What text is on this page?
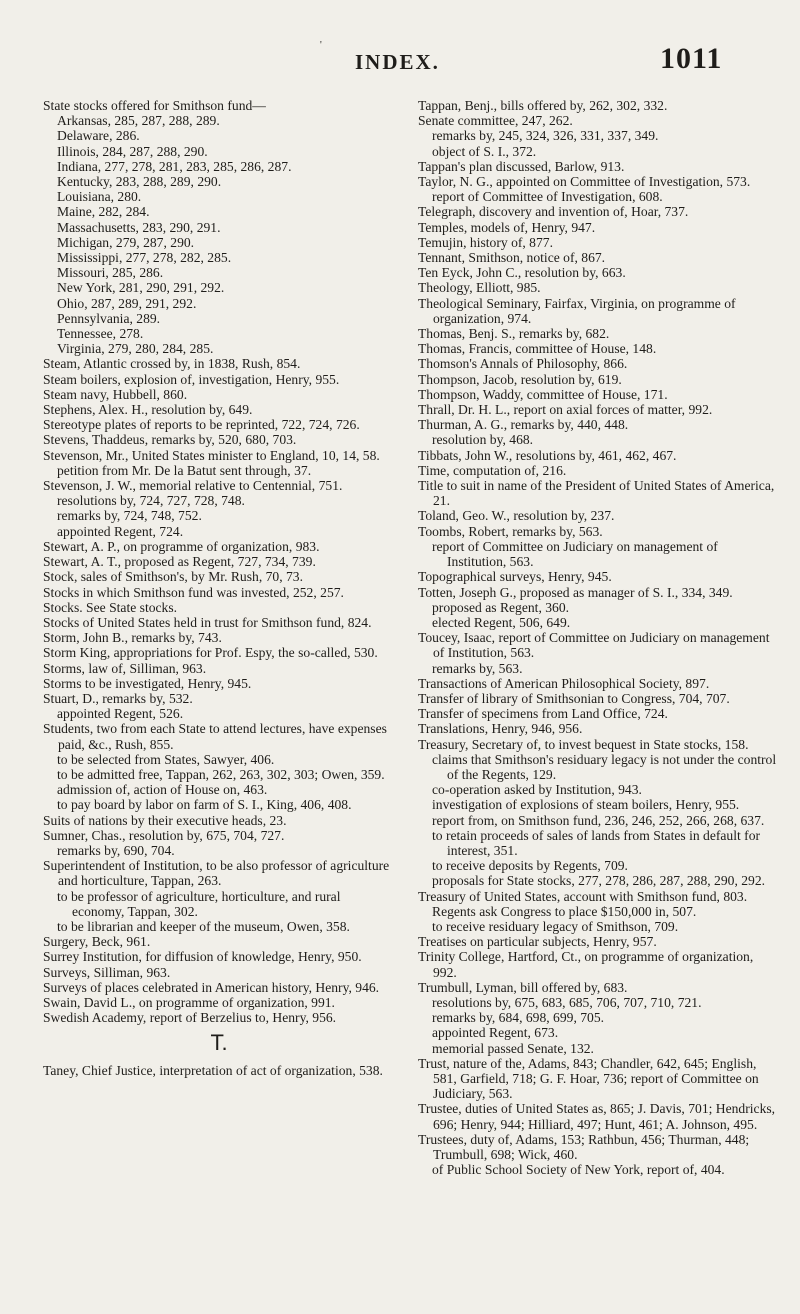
'
INDEX.	1011
State stocks offered for Smithson fund—
Arkansas, 285, 287, 288, 289.
Delaware, 286.
Illinois, 284, 287, 288, 290.
Indiana, 277, 278, 281, 283, 285, 286, 287.
Kentucky, 283, 288, 289, 290.
Louisiana, 280.
Maine, 282, 284.
Massachusetts, 283, 290, 291.
Michigan, 279, 287, 290.
Mississippi, 277, 278, 282, 285.
Missouri, 285, 286.
New York, 281, 290, 291, 292.
Ohio, 287, 289, 291, 292.
Pennsylvania, 289.
Tennessee, 278.
Virginia, 279, 280, 284, 285.
Steam, Atlantic crossed by, in 1838, Rush, 854.
Steam boilers, explosion of, investigation, Henry, 955.
Steam navy, Hubbell, 860.
Stephens, Alex. H., resolution by, 649.
Stereotype plates of reports to be reprinted, 722, 724, 726.
Stevens, Thaddeus, remarks by, 520, 680, 703.
Stevenson, Mr., United States minister to England, 10, 14, 58.
petition from Mr. De la Batut sent through, 37.
Stevenson, J. W., memorial relative to Centennial, 751.
resolutions by, 724, 727, 728, 748.
remarks by, 724, 748, 752.
appointed Regent, 724.
Stewart, A. P., on programme of organization, 983.
Stewart, A. T., proposed as Regent, 727, 734, 739.
Stock, sales of Smithson's, by Mr. Rush, 70, 73.
Stocks in which Smithson fund was invested, 252, 257.
Stocks. See State stocks.
Stocks of United States held in trust for Smithson fund, 824.
Storm, John B., remarks by, 743.
Storm King, appropriations for Prof. Espy, the so-called, 530.
Storms, law of, Silliman, 963.
Storms to be investigated, Henry, 945.
Stuart, D., remarks by, 532.
appointed Regent, 526.
Students, two from each State to attend lectures, have expenses paid, &c., Rush, 855.
to be selected from States, Sawyer, 406.
to be admitted free, Tappan, 262, 263, 302, 303; Owen, 359.
admission of, action of House on, 463.
to pay board by labor on farm of S. I., King, 406, 408.
Suits of nations by their executive heads, 23.
Sumner, Chas., resolution by, 675, 704, 727.
remarks by, 690, 704.
Superintendent of Institution, to be also professor of agriculture and horticulture, Tappan, 263.
to be professor of agriculture, horticulture, and rural economy, Tappan, 302.
to be librarian and keeper of the museum, Owen, 358.
Surgery, Beck, 961.
Surrey Institution, for diffusion of knowledge, Henry, 950.
Surveys, Silliman, 963.
Surveys of places celebrated in American history, Henry, 946.
Swain, David L., on programme of organization, 991.
Swedish Academy, report of Berzelius to, Henry, 956.
T.
Taney, Chief Justice, interpretation of act of organization, 538.
Tappan, Benj., bills offered by, 262, 302, 332.
Senate committee, 247, 262.
remarks by, 245, 324, 326, 331, 337, 349.
object of S. I., 372.
Tappan's plan discussed, Barlow, 913.
Taylor, N. G., appointed on Committee of Investigation, 573.
report of Committee of Investigation, 608.
Telegraph, discovery and invention of, Hoar, 737.
Temples, models of, Henry, 947.
Temujin, history of, 877.
Tennant, Smithson, notice of, 867.
Ten Eyck, John C., resolution by, 663.
Theology, Elliott, 985.
Theological Seminary, Fairfax, Virginia, on programme of organization, 974.
Thomas, Benj. S., remarks by, 682.
Thomas, Francis, committee of House, 148.
Thomson's Annals of Philosophy, 866.
Thompson, Jacob, resolution by, 619.
Thompson, Waddy, committee of House, 171.
Thrall, Dr. H. L., report on axial forces of matter, 992.
Thurman, A. G., remarks by, 440, 448.
resolution by, 468.
Tibbats, John W., resolutions by, 461, 462, 467.
Time, computation of, 216.
Title to suit in name of the President of United States of America, 21.
Toland, Geo. W., resolution by, 237.
Toombs, Robert, remarks by, 563.
report of Committee on Judiciary on management of Institution, 563.
Topographical surveys, Henry, 945.
Totten, Joseph G., proposed as manager of S. I., 334, 349.
proposed as Regent, 360.
elected Regent, 506, 649.
Toucey, Isaac, report of Committee on Judiciary on management of Institution, 563.
remarks by, 563.
Transactions of American Philosophical Society, 897.
Transfer of library of Smithsonian to Congress, 704, 707.
Transfer of specimens from Land Office, 724.
Translations, Henry, 946, 956.
Treasury, Secretary of, to invest bequest in State stocks, 158.
claims that Smithson's residuary legacy is not under the control of the Regents, 129.
co-operation asked by Institution, 943.
investigation of explosions of steam boilers, Henry, 955.
report from, on Smithson fund, 236, 246, 252, 266, 268, 637.
to retain proceeds of sales of lands from States in default for interest, 351.
to receive deposits by Regents, 709.
proposals for State stocks, 277, 278, 286, 287, 288, 290, 292.
Treasury of United States, account with Smithson fund, 803.
Regents ask Congress to place $150,000 in, 507.
to receive residuary legacy of Smithson, 709.
Treatises on particular subjects, Henry, 957.
Trinity College, Hartford, Ct., on programme of organization, 992.
Trumbull, Lyman, bill offered by, 683.
resolutions by, 675, 683, 685, 706, 707, 710, 721.
remarks by, 684, 698, 699, 705.
appointed Regent, 673.
memorial passed Senate, 132.
Trust, nature of the, Adams, 843; Chandler, 642, 645; English, 581, Garfield, 718; G. F. Hoar, 736; report of Committee on Judiciary, 563.
Trustee, duties of United States as, 865; J. Davis, 701; Hendricks, 696; Henry, 944; Hilliard, 497; Hunt, 461; A. Johnson, 495.
Trustees, duty of, Adams, 153; Rathbun, 456; Thurman, 448; Trumbull, 698; Wick, 460.
of Public School Society of New York, report of, 404.
